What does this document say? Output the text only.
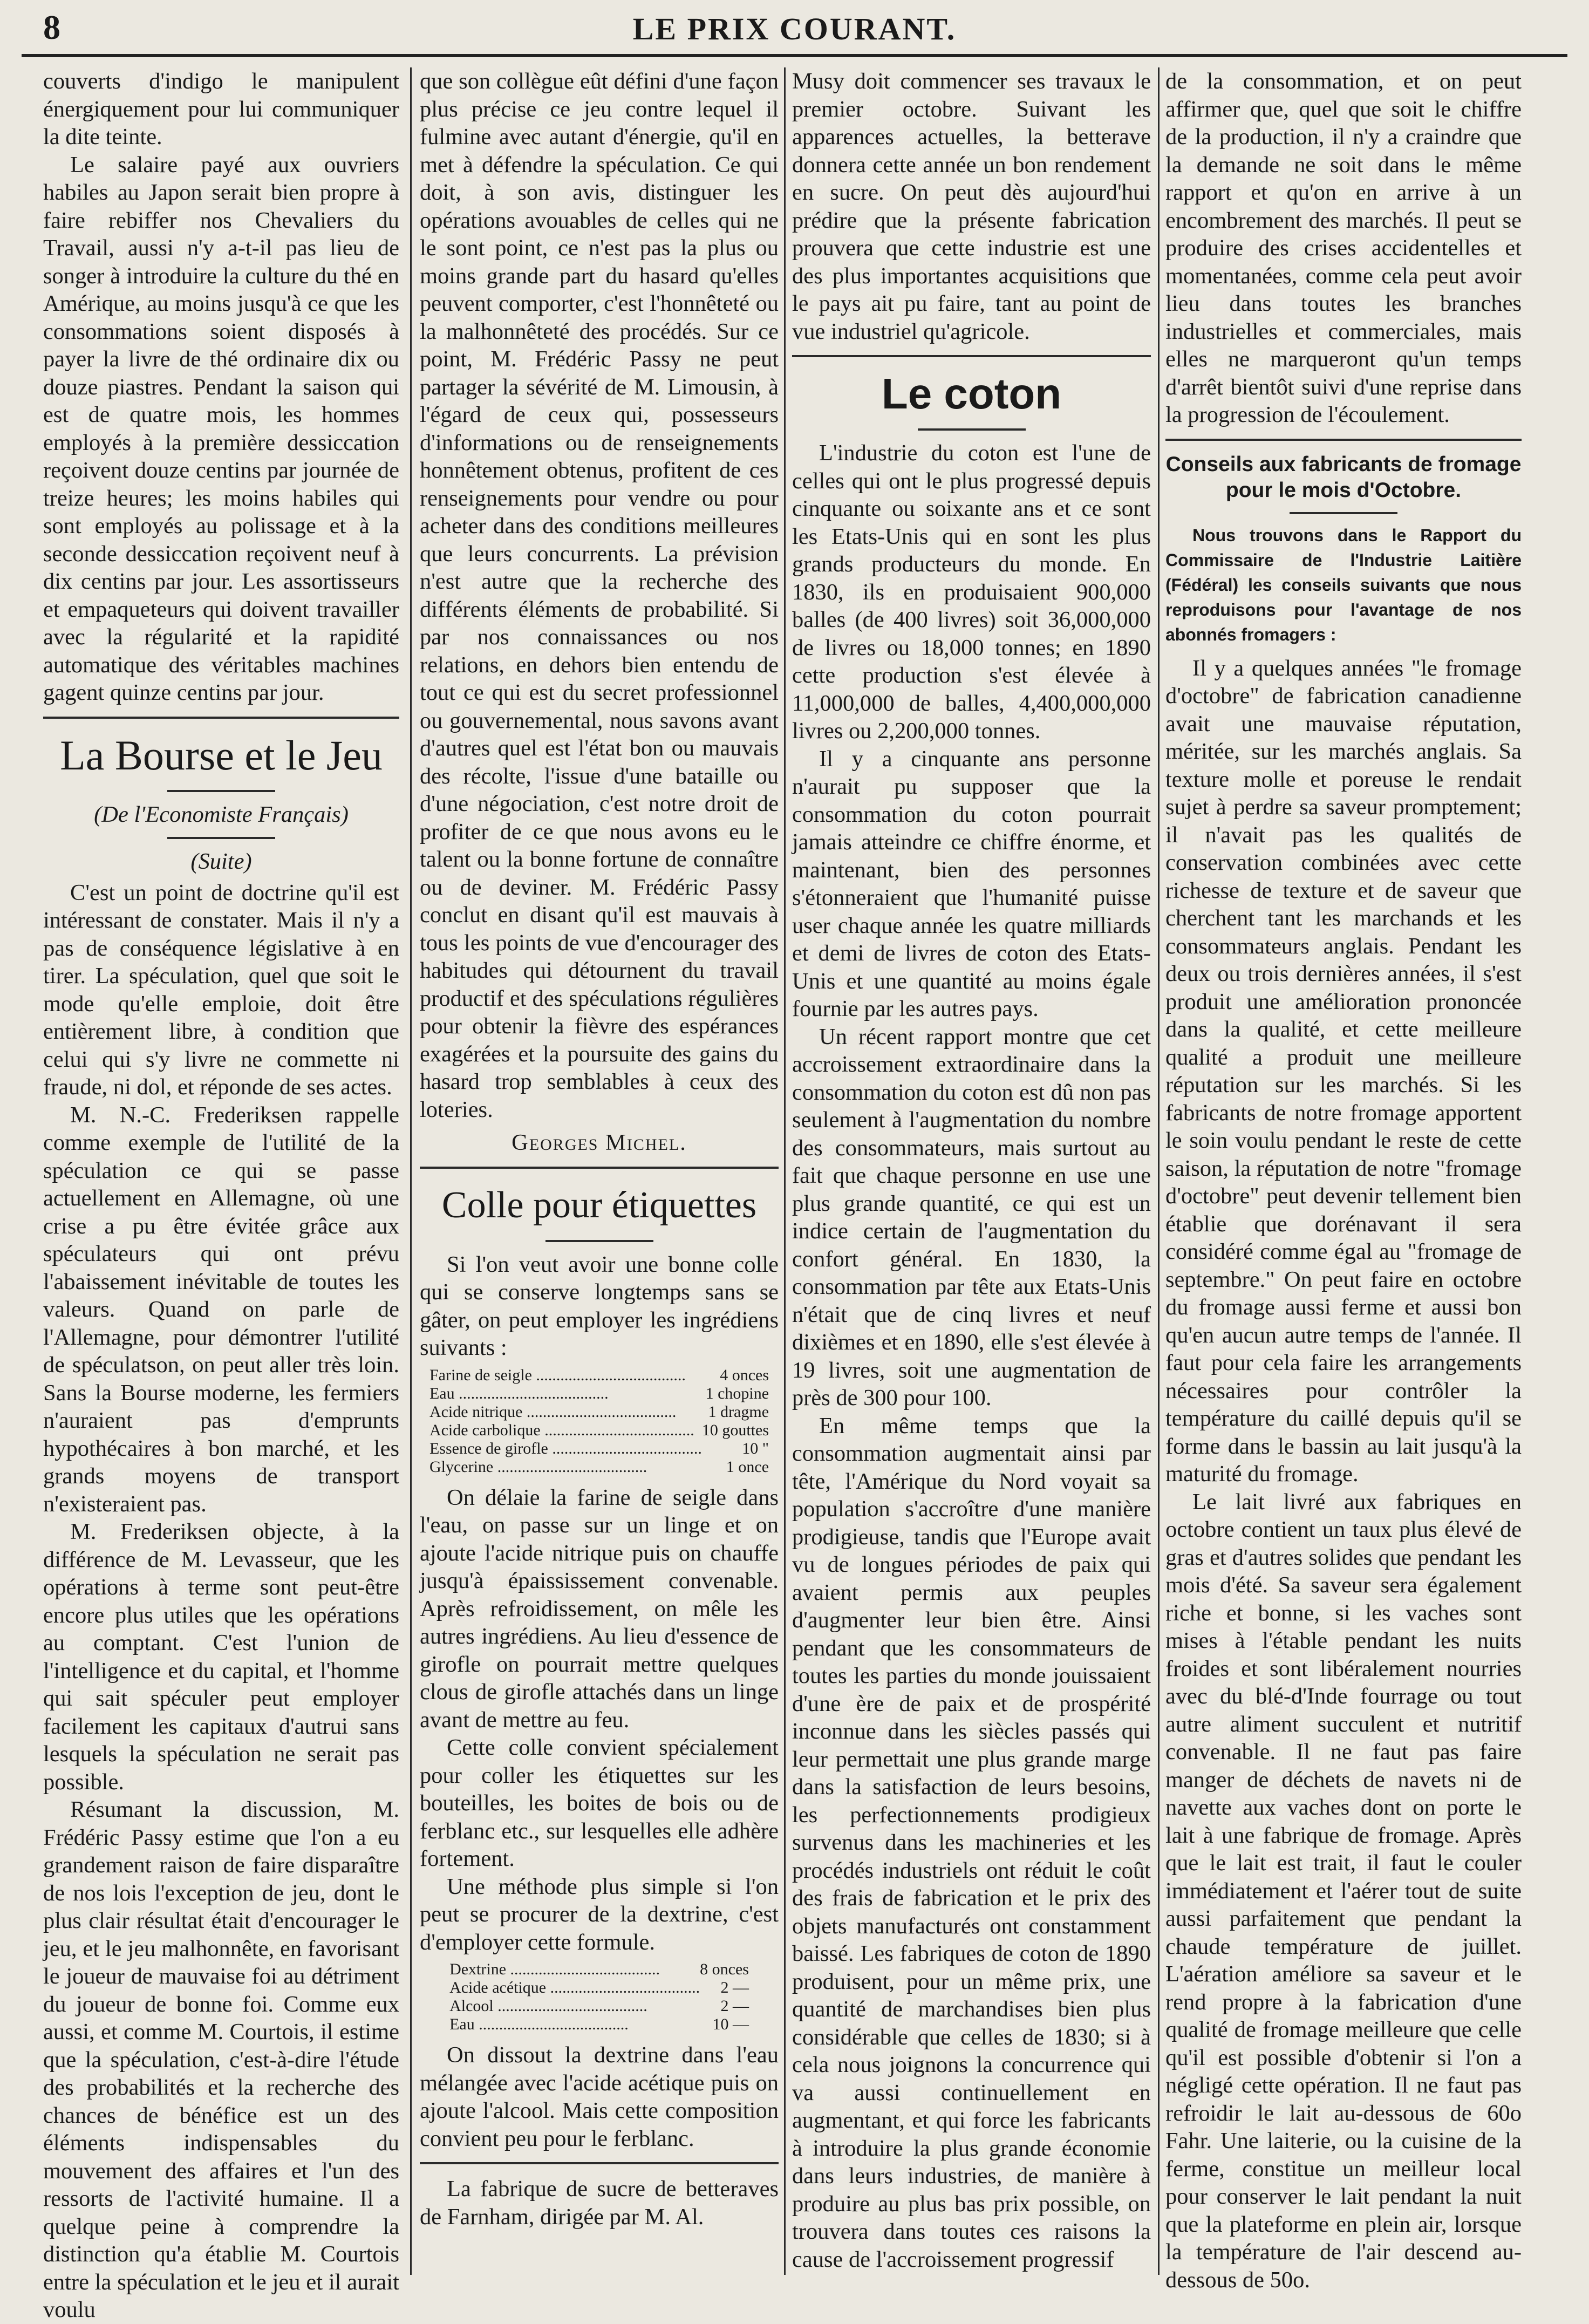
8	LE PRIX COURANT.

couverts d'indigo le manipulent énergiquement pour lui communiquer la dite teinte.

Le salaire payé aux ouvriers habiles au Japon serait bien propre à faire rebiffer nos Chevaliers du Travail, aussi n'y a-t-il pas lieu de songer à introduire la culture du thé en Amérique, au moins jusqu'à ce que les consommations soient disposés à payer la livre de thé ordinaire dix ou douze piastres. Pendant la saison qui est de quatre mois, les hommes employés à la première dessiccation reçoivent douze centins par journée de treize heures; les moins habiles qui sont employés au polissage et à la seconde dessiccation reçoivent neuf à dix centins par jour. Les assortisseurs et empaqueteurs qui doivent travailler avec la régularité et la rapidité automatique des véritables machines gagent quinze centins par jour.

La Bourse et le Jeu
(De l'Economiste Français)
(Suite)

C'est un point de doctrine qu'il est intéressant de constater. Mais il n'y a pas de conséquence législative à en tirer. La spéculation, quel que soit le mode qu'elle emploie, doit être entièrement libre, à condition que celui qui s'y livre ne commette ni fraude, ni dol, et réponde de ses actes.

M. N.-C. Frederiksen rappelle comme exemple de l'utilité de la spéculation ce qui se passe actuellement en Allemagne, où une crise a pu être évitée grâce aux spéculateurs qui ont prévu l'abaissement inévitable de toutes les valeurs. Quand on parle de l'Allemagne, pour démontrer l'utilité de spéculatson, on peut aller très loin. Sans la Bourse moderne, les fermiers n'auraient pas d'emprunts hypothécaires à bon marché, et les grands moyens de transport n'existeraient pas.

M. Frederiksen objecte, à la différence de M. Levasseur, que les opérations à terme sont peut-être encore plus utiles que les opérations au comptant. C'est l'union de l'intelligence et du capital, et l'homme qui sait spéculer peut employer facilement les capitaux d'autrui sans lesquels la spéculation ne serait pas possible.

Résumant la discussion, M. Frédéric Passy estime que l'on a eu grandement raison de faire disparaître de nos lois l'exception de jeu, dont le plus clair résultat était d'encourager le jeu, et le jeu malhonnête, en favorisant le joueur de mauvaise foi au détriment du joueur de bonne foi. Comme eux aussi, et comme M. Courtois, il estime que la spéculation, c'est-à-dire l'étude des probabilités et la recherche des chances de bénéfice est un des éléments indispensables du mouvement des affaires et l'un des ressorts de l'activité humaine. Il a quelque peine à comprendre la distinction qu'a établie M. Courtois entre la spéculation et le jeu et il aurait voulu

que son collègue eût défini d'une façon plus précise ce jeu contre lequel il fulmine avec autant d'énergie, qu'il en met à défendre la spéculation. Ce qui doit, à son avis, distinguer les opérations avouables de celles qui ne le sont point, ce n'est pas la plus ou moins grande part du hasard qu'elles peuvent comporter, c'est l'honnêteté ou la malhonnêteté des procédés. Sur ce point, M. Frédéric Passy ne peut partager la sévérité de M. Limousin, à l'égard de ceux qui, possesseurs d'informations ou de renseignements honnêtement obtenus, profitent de ces renseignements pour vendre ou pour acheter dans des conditions meilleures que leurs concurrents. La prévision n'est autre que la recherche des différents éléments de probabilité. Si par nos connaissances ou nos relations, en dehors bien entendu de tout ce qui est du secret professionnel ou gouvernemental, nous savons avant d'autres quel est l'état bon ou mauvais des récolte, l'issue d'une bataille ou d'une négociation, c'est notre droit de profiter de ce que nous avons eu le talent ou la bonne fortune de connaître ou de deviner. M. Frédéric Passy conclut en disant qu'il est mauvais à tous les points de vue d'encourager des habitudes qui détournent du travail productif et des spéculations régulières pour obtenir la fièvre des espérances exagérées et la poursuite des gains du hasard trop semblables à ceux des loteries.

Georges Michel.
Colle pour étiquettes

Si l'on veut avoir une bonne colle qui se conserve longtemps sans se gâter, on peut employer les ingrédiens suivants :

Farine de seigle .....	4 onces
Eau .....	1 chopine
Acide nitrique .....	1 dragme
Acide carbolique .....	10 gouttes
Essence de girofle .....	10 "
Glycerine .....	1 once

On délaie la farine de seigle dans l'eau, on passe sur un linge et on ajoute l'acide nitrique puis on chauffe jusqu'à épaississement convenable. Après refroidissement, on mêle les autres ingrédiens. Au lieu d'essence de girofle on pourrait mettre quelques clous de girofle attachés dans un linge avant de mettre au feu.

Cette colle convient spécialement pour coller les étiquettes sur les bouteilles, les boites de bois ou de ferblanc etc., sur lesquelles elle adhère fortement.

Une méthode plus simple si l'on peut se procurer de la dextrine, c'est d'employer cette formule.

Dextrine .....	8 onces
Acide acétique .....	2 —
Alcool .....	2 —
Eau .....	10 —

On dissout la dextrine dans l'eau mélangée avec l'acide acétique puis on ajoute l'alcool. Mais cette composition convient peu pour le ferblanc.

La fabrique de sucre de betteraves de Farnham, dirigée par M. Al.

Musy doit commencer ses travaux le premier octobre. Suivant les apparences actuelles, la betterave donnera cette année un bon rendement en sucre. On peut dès aujourd'hui prédire que la présente fabrication prouvera que cette industrie est une des plus importantes acquisitions que le pays ait pu faire, tant au point de vue industriel qu'agricole.

Le coton

L'industrie du coton est l'une de celles qui ont le plus progressé depuis cinquante ou soixante ans et ce sont les Etats-Unis qui en sont les plus grands producteurs du monde. En 1830, ils en produisaient 900,000 balles (de 400 livres) soit 36,000,000 de livres ou 18,000 tonnes; en 1890 cette production s'est élevée à 11,000,000 de balles, 4,400,000,000 livres ou 2,200,000 tonnes.

Il y a cinquante ans personne n'aurait pu supposer que la consommation du coton pourrait jamais atteindre ce chiffre énorme, et maintenant, bien des personnes s'étonneraient que l'humanité puisse user chaque année les quatre milliards et demi de livres de coton des Etats-Unis et une quantité au moins égale fournie par les autres pays.

Un récent rapport montre que cet accroissement extraordinaire dans la consommation du coton est dû non pas seulement à l'augmentation du nombre des consommateurs, mais surtout au fait que chaque personne en use une plus grande quantité, ce qui est un indice certain de l'augmentation du confort général. En 1830, la consommation par tête aux Etats-Unis n'était que de cinq livres et neuf dixièmes et en 1890, elle s'est élevée à 19 livres, soit une augmentation de près de 300 pour 100.

En même temps que la consommation augmentait ainsi par tête, l'Amérique du Nord voyait sa population s'accroître d'une manière prodigieuse, tandis que l'Europe avait vu de longues périodes de paix qui avaient permis aux peuples d'augmenter leur bien être. Ainsi pendant que les consommateurs de toutes les parties du monde jouissaient d'une ère de paix et de prospérité inconnue dans les siècles passés qui leur permettait une plus grande marge dans la satisfaction de leurs besoins, les perfectionnements prodigieux survenus dans les machineries et les procédés industriels ont réduit le coût des frais de fabrication et le prix des objets manufacturés ont constamment baissé. Les fabriques de coton de 1890 produisent, pour un même prix, une quantité de marchandises bien plus considérable que celles de 1830; si à cela nous joignons la concurrence qui va aussi continuellement en augmentant, et qui force les fabricants à introduire la plus grande économie dans leurs industries, de manière à produire au plus bas prix possible, on trouvera dans toutes ces raisons la cause de l'accroissement progressif

de la consommation, et on peut affirmer que, quel que soit le chiffre de la production, il n'y a craindre que la demande ne soit dans le même rapport et qu'on en arrive à un encombrement des marchés. Il peut se produire des crises accidentelles et momentanées, comme cela peut avoir lieu dans toutes les branches industrielles et commerciales, mais elles ne marqueront qu'un temps d'arrêt bientôt suivi d'une reprise dans la progression de l'écoulement.

Conseils aux fabricants de fromage pour le mois d'Octobre.

Nous trouvons dans le Rapport du Commissaire de l'Industrie Laitière (Fédéral) les conseils suivants que nous reproduisons pour l'avantage de nos abonnés fromagers :

Il y a quelques années "le fromage d'octobre" de fabrication canadienne avait une mauvaise réputation, méritée, sur les marchés anglais. Sa texture molle et poreuse le rendait sujet à perdre sa saveur promptement; il n'avait pas les qualités de conservation combinées avec cette richesse de texture et de saveur que cherchent tant les marchands et les consommateurs anglais. Pendant les deux ou trois dernières années, il s'est produit une amélioration prononcée dans la qualité, et cette meilleure qualité a produit une meilleure réputation sur les marchés. Si les fabricants de notre fromage apportent le soin voulu pendant le reste de cette saison, la réputation de notre "fromage d'octobre" peut devenir tellement bien établie que dorénavant il sera considéré comme égal au "fromage de septembre." On peut faire en octobre du fromage aussi ferme et aussi bon qu'en aucun autre temps de l'année. Il faut pour cela faire les arrangements nécessaires pour contrôler la température du caillé depuis qu'il se forme dans le bassin au lait jusqu'à la maturité du fromage.

Le lait livré aux fabriques en octobre contient un taux plus élevé de gras et d'autres solides que pendant les mois d'été. Sa saveur sera également riche et bonne, si les vaches sont mises à l'étable pendant les nuits froides et sont libéralement nourries avec du blé-d'Inde fourrage ou tout autre aliment succulent et nutritif convenable. Il ne faut pas faire manger de déchets de navets ni de navette aux vaches dont on porte le lait à une fabrique de fromage. Après que le lait est trait, il faut le couler immédiatement et l'aérer tout de suite aussi parfaitement que pendant la chaude température de juillet. L'aération améliore sa saveur et le rend propre à la fabrication d'une qualité de fromage meilleure que celle qu'il est possible d'obtenir si l'on a négligé cette opération. Il ne faut pas refroidir le lait au-dessous de 60o Fahr. Une laiterie, ou la cuisine de la ferme, constitue un meilleur local pour conserver le lait pendant la nuit que la plateforme en plein air, lorsque la température de l'air descend au-dessous de 50o.
